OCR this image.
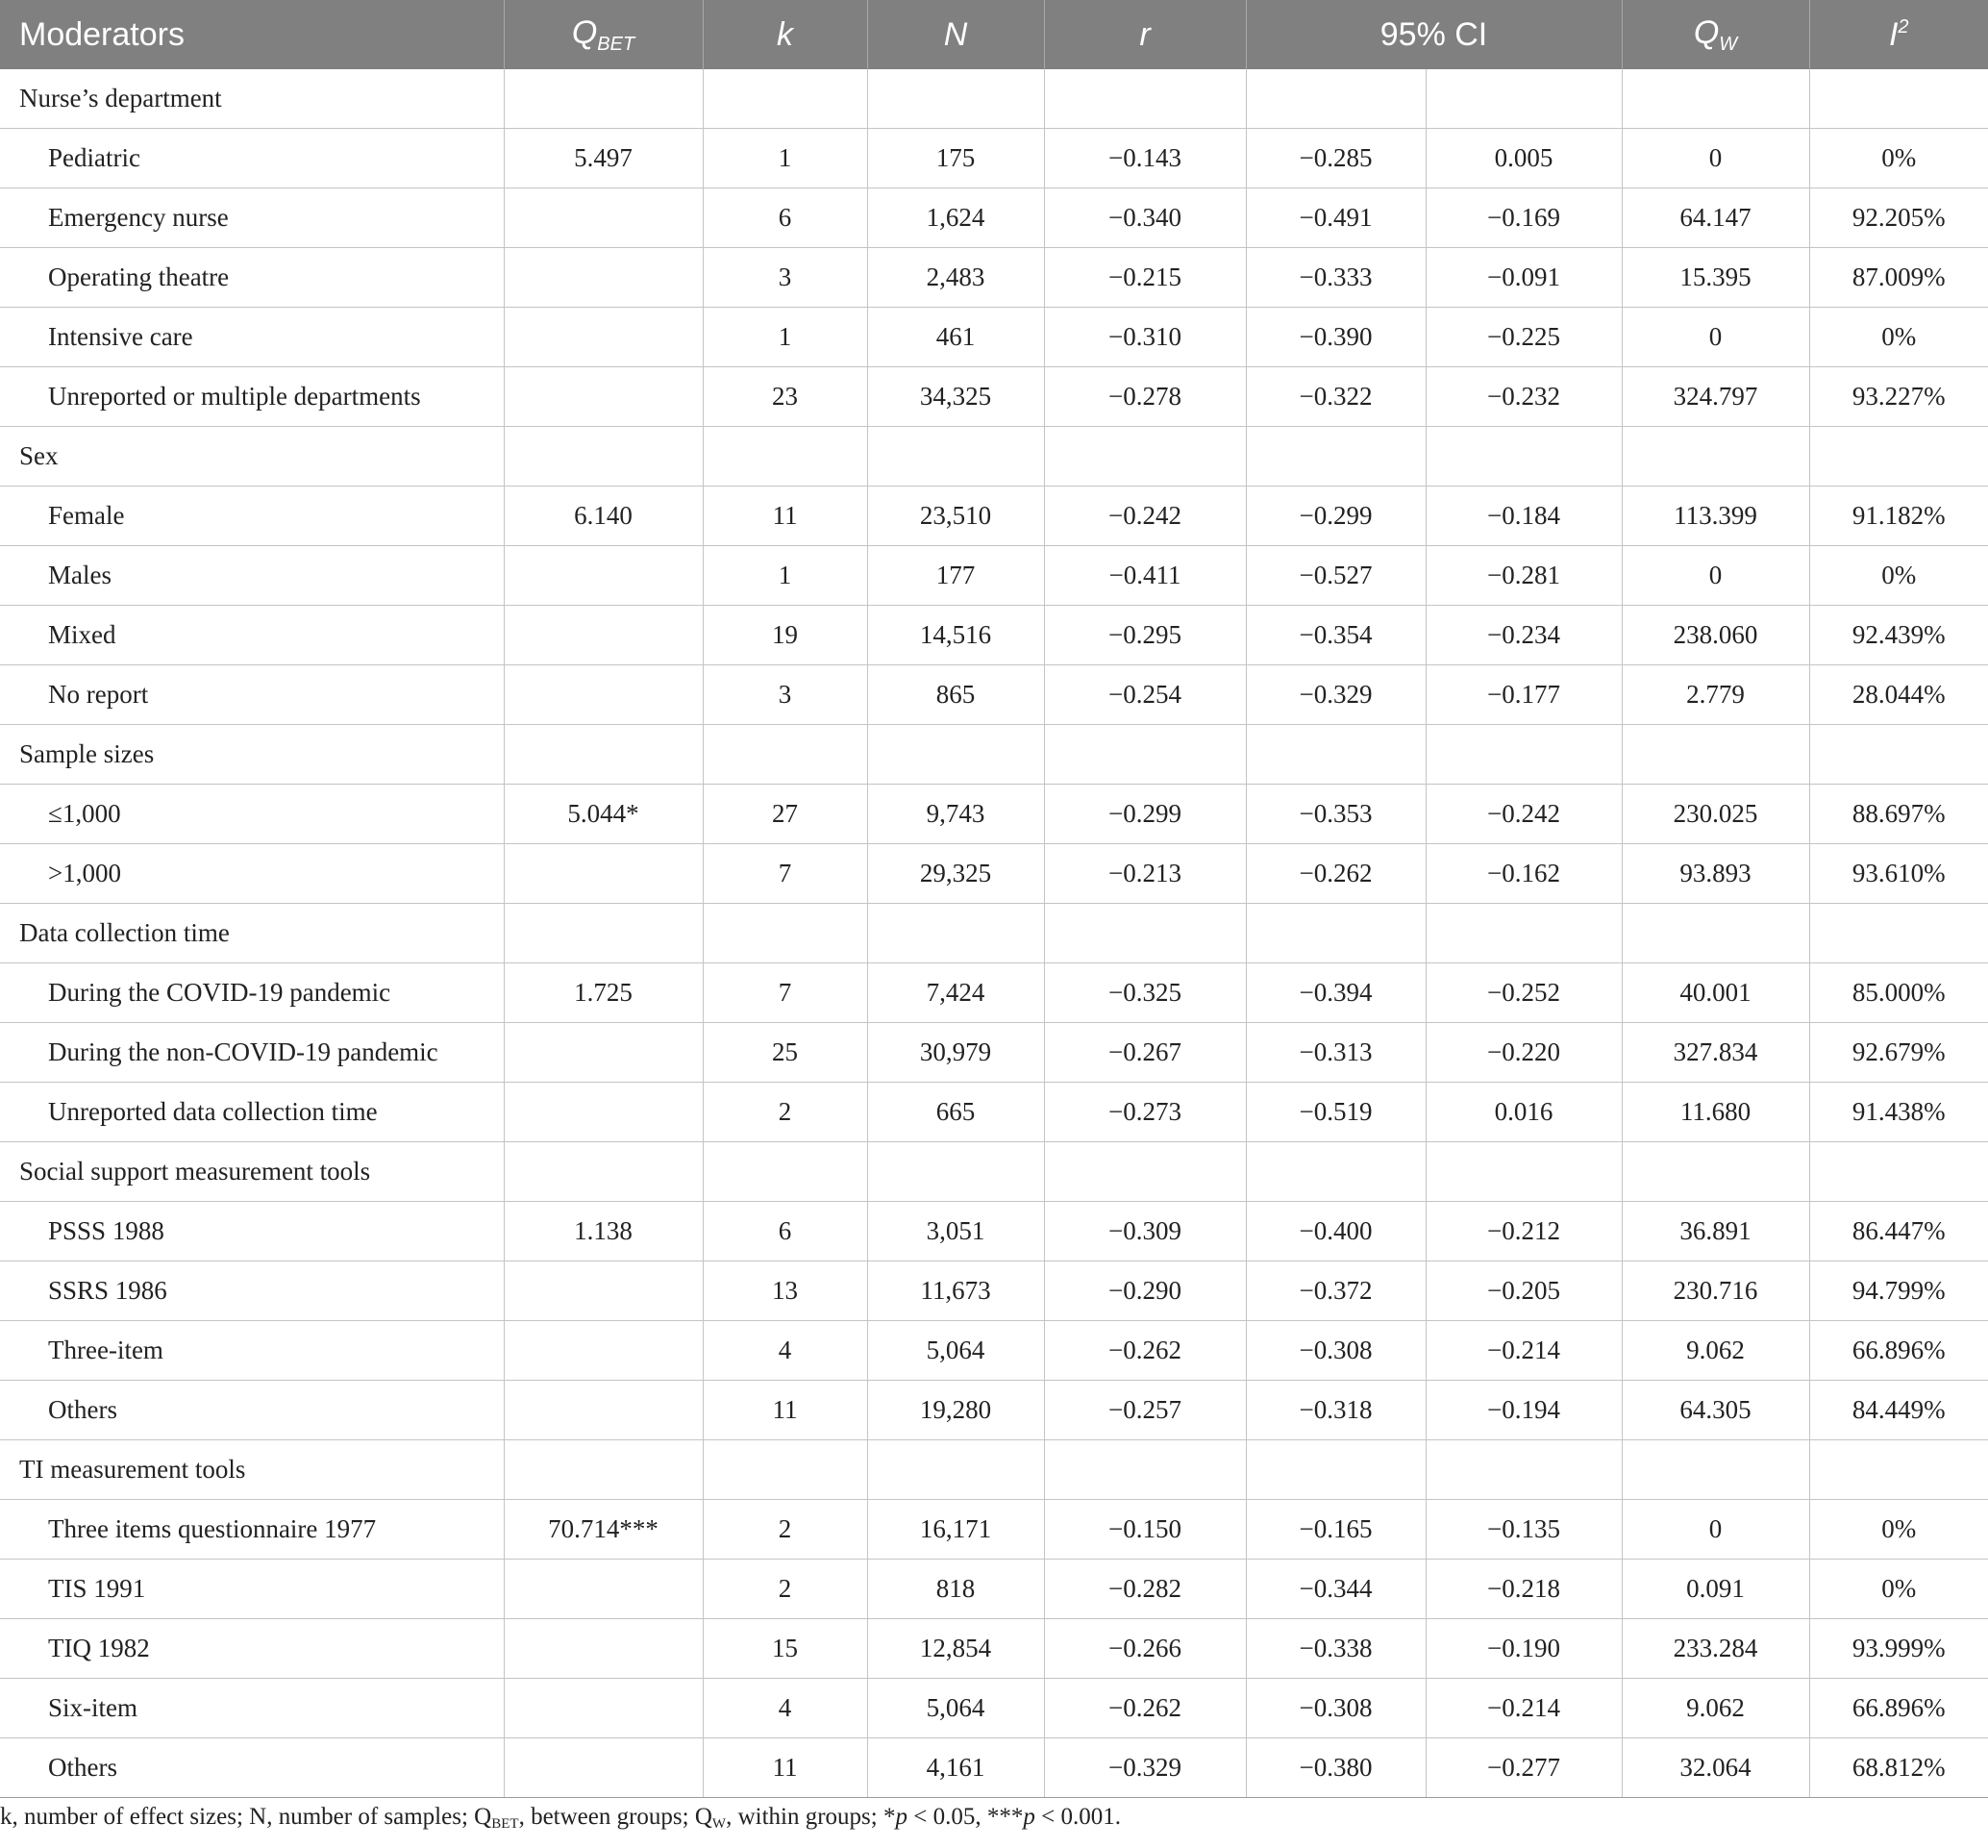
Moderators	$Q_{BET}$	k	N	r	95% CI		$Q_W$	$I^2$
Nurse’s department								
Pediatric	5.497	1	175	−0.143	−0.285	0.005	0	0%
Emergency nurse		6	1,624	−0.340	−0.491	−0.169	64.147	92.205%
Operating theatre		3	2,483	−0.215	−0.333	−0.091	15.395	87.009%
Intensive care		1	461	−0.310	−0.390	−0.225	0	0%
Unreported or multiple departments		23	34,325	−0.278	−0.322	−0.232	324.797	93.227%
Sex								
Female	6.140	11	23,510	−0.242	−0.299	−0.184	113.399	91.182%
Males		1	177	−0.411	−0.527	−0.281	0	0%
Mixed		19	14,516	−0.295	−0.354	−0.234	238.060	92.439%
No report		3	865	−0.254	−0.329	−0.177	2.779	28.044%
Sample sizes								
≤1,000	5.044*	27	9,743	−0.299	−0.353	−0.242	230.025	88.697%
>1,000		7	29,325	−0.213	−0.262	−0.162	93.893	93.610%
Data collection time								
During the COVID-19 pandemic	1.725	7	7,424	−0.325	−0.394	−0.252	40.001	85.000%
During the non-COVID-19 pandemic		25	30,979	−0.267	−0.313	−0.220	327.834	92.679%
Unreported data collection time		2	665	−0.273	−0.519	0.016	11.680	91.438%
Social support measurement tools								
PSSS 1988	1.138	6	3,051	−0.309	−0.400	−0.212	36.891	86.447%
SSRS 1986		13	11,673	−0.290	−0.372	−0.205	230.716	94.799%
Three-item		4	5,064	−0.262	−0.308	−0.214	9.062	66.896%
Others		11	19,280	−0.257	−0.318	−0.194	64.305	84.449%
TI measurement tools								
Three items questionnaire 1977	70.714***	2	16,171	−0.150	−0.165	−0.135	0	0%
TIS 1991		2	818	−0.282	−0.344	−0.218	0.091	0%
TIQ 1982		15	12,854	−0.266	−0.338	−0.190	233.284	93.999%
Six-item		4	5,064	−0.262	−0.308	−0.214	9.062	66.896%
Others		11	4,161	−0.329	−0.380	−0.277	32.064	68.812%
k, number of effect sizes; N, number of samples; $Q_{BET}$, between groups; $Q_W$, within groups; *p < 0.05, ***p < 0.001.
